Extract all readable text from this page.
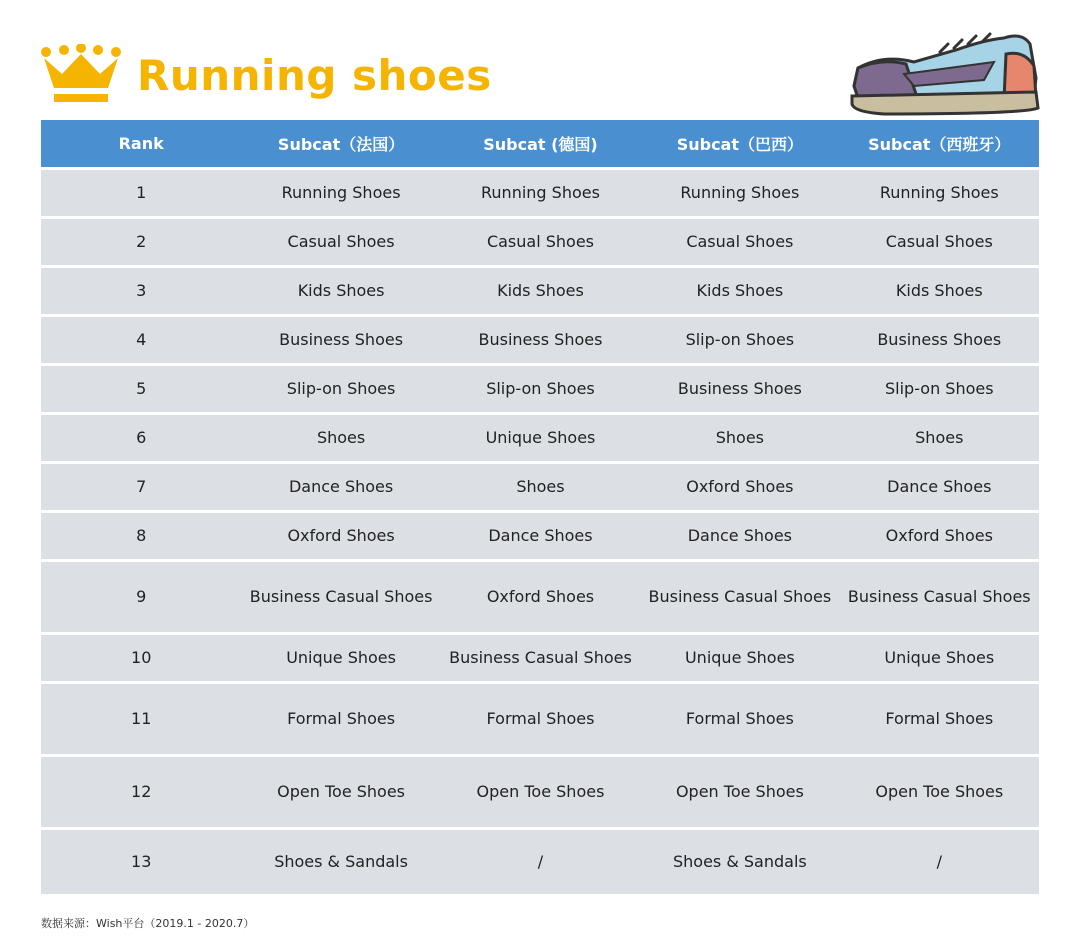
Running shoes
Rank	Subcat（法国）	Subcat (德国)	Subcat（巴西）	Subcat（西班牙）
1	Running Shoes	Running Shoes	Running Shoes	Running Shoes
2	Casual Shoes	Casual Shoes	Casual Shoes	Casual Shoes
3	Kids Shoes	Kids Shoes	Kids Shoes	Kids Shoes
4	Business Shoes	Business Shoes	Slip-on Shoes	Business Shoes
5	Slip-on Shoes	Slip-on Shoes	Business Shoes	Slip-on Shoes
6	Shoes	Unique Shoes	Shoes	Shoes
7	Dance Shoes	Shoes	Oxford Shoes	Dance Shoes
8	Oxford Shoes	Dance Shoes	Dance Shoes	Oxford Shoes
9	Business Casual Shoes	Oxford Shoes	Business Casual Shoes	Business Casual Shoes
10	Unique Shoes	Business Casual Shoes	Unique Shoes	Unique Shoes
11	Formal Shoes	Formal Shoes	Formal Shoes	Formal Shoes
12	Open Toe Shoes	Open Toe Shoes	Open Toe Shoes	Open Toe Shoes
13	Shoes & Sandals	/	Shoes & Sandals	/
数据来源：Wish平台（2019.1 - 2020.7）
